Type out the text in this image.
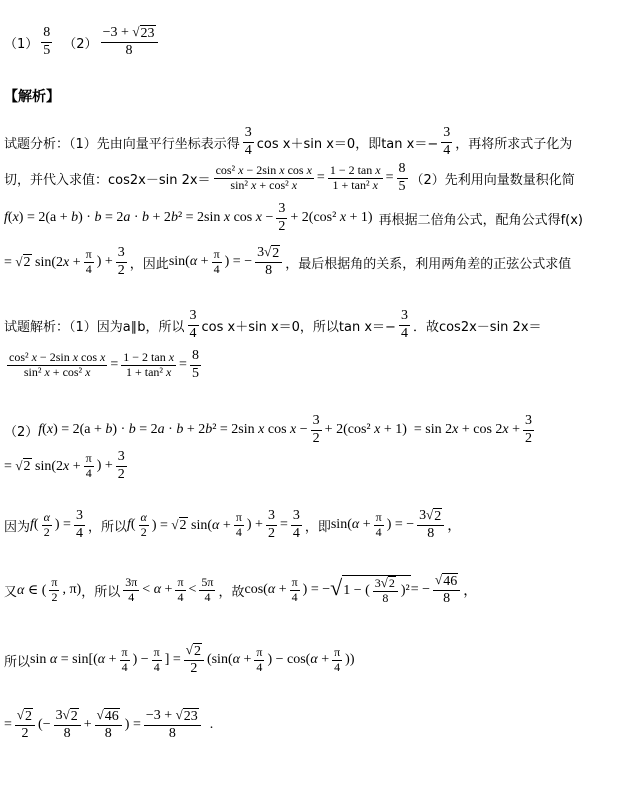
（1）
8
5 （2）
−3 + √ 23
8
【解析】
试题分析：（1）先由向量平行坐标表示得
3
4 cos x＋sin x＝0，即$\tan x=- \frac{3}{4}$ ，再将所求式子化为
切，并代入求值：cos2x－sin $2x= \frac{\text{cos² x − 2sin x cos x}}{\text{sin² x + cos² x}} = \frac{\text{1 − 2 tan x}}{\text{1 + tan² x}} = \frac{8}{5} (2)$先利用向量数量积化简
f(x) = 2(a + b) · b = 2a · b + 2b² = 2sin x $\cos x - \frac{3}{2} + 2(\cos^2$ x + 1) 再根据二倍角公式，配角公式得f(x)
= √ 2 $\sin(2x + \frac{\pi}{4}$ ) + $\frac{3}{2}$ ，因此 $\sin(\alpha + \frac{\pi}{4}$ ) = − $\frac{3 √ 2}{8}$ ，最后根据角的关系，利用两角差的正弦公式求值
试题解析：（1）因为a∥b，所以
3
4 cos x＋sin x＝0，所以$\tan x=- \frac{3}{4}$ ．故cos2x－sin 2x＝
$\frac{\text{cos² x − 2sin x cos x}}{\text{sin² x + cos² x}} = \frac{\text{1 − 2 tan x}}{\text{1 + tan² x}} = \frac{8}{5}$
（2） f(x) = 2(a + b) · b = 2a · b + 2b² = 2sin x $\cos x - \frac{3}{2} + 2(\cos^2$ $x + 1) = \sin 2x + \cos 2x + \frac{3}{2}$
= √ 2 $\sin(2x + \frac{\pi}{4}$ ) + $\frac{3}{2}$
因为 f(
α
2 ) = $\frac{3}{4}$ ，所以 f(
α
2 ) = √ 2 $\sin(\alpha + \frac{\pi}{4}$ ) + $\frac{3}{2} = \frac{3}{4}$ ，即 $\sin(\alpha + \frac{\pi}{4}$ ) = − $\frac{3 √ 2}{8}$ ，
又 α ∈ (
π
2 , π) ，所以
3π
$4 < \alpha + \frac{\pi}{4}$ <
5π
4 ，故 $\cos(\alpha + \frac{\pi}{4}$ ) = − √ 1 − (
3 √ 2
8 )² = − $\frac{√ 46}{8}$ ，
所以 $\sin \alpha = \sin[(\alpha + \frac{\pi}{4}$ ) − $\frac{\pi}{4}$ ] = $\frac{√ 2}{2} (\sin(\alpha + \frac{\pi}{4}$ ) − $\cos(\alpha + \frac{\pi}{4}$ ))
= $\frac{√ 2}{2}$ (− $\frac{3 √ 2}{8} + \frac{√ 46}{8}$ ) = $\frac{-3 + √ 23}{8}$ .
